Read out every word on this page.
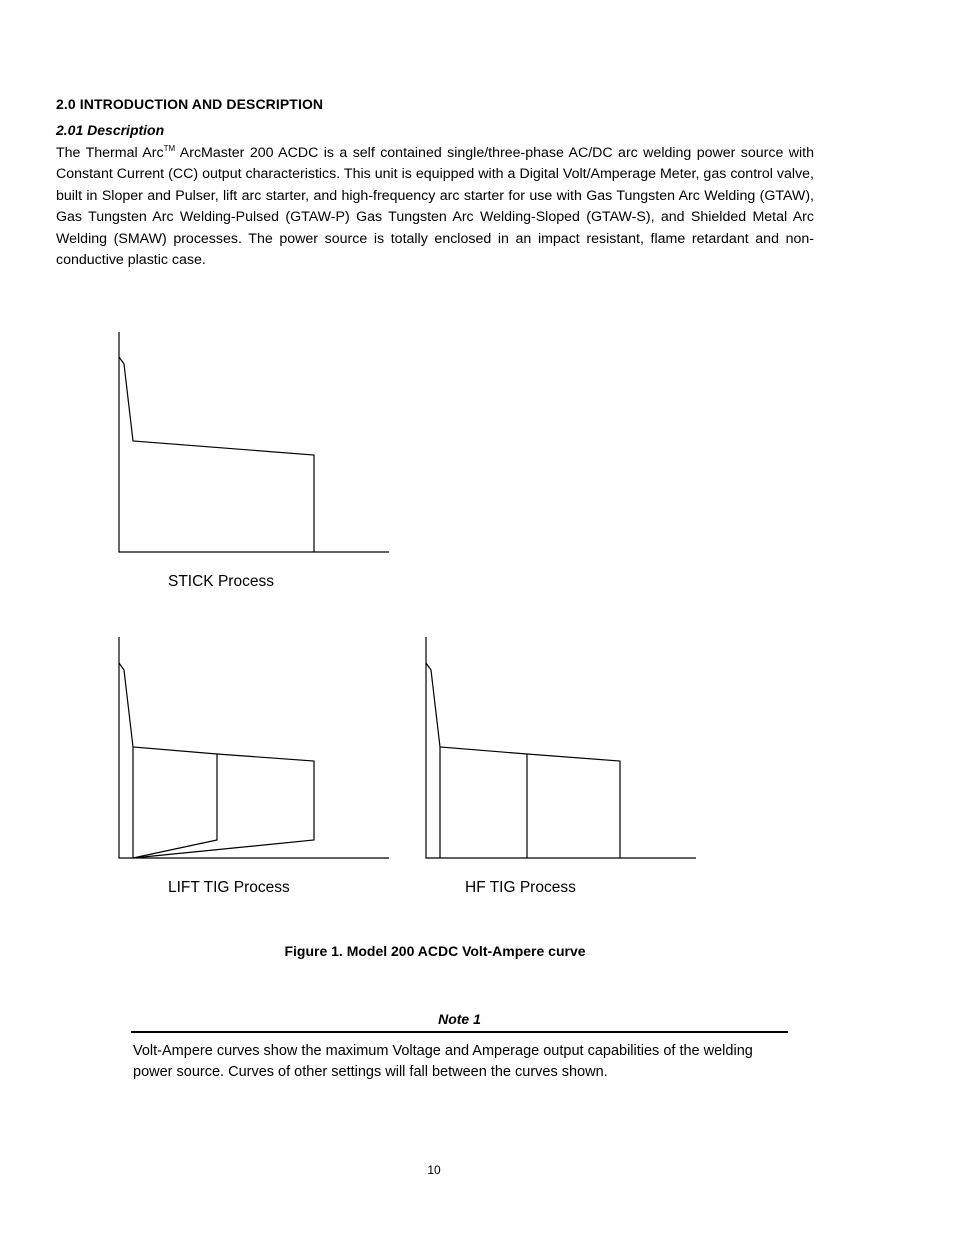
2.0 INTRODUCTION AND DESCRIPTION
2.01 Description
The Thermal Arc™ ArcMaster 200 ACDC is a self contained single/three-phase AC/DC arc welding power source with Constant Current (CC) output characteristics. This unit is equipped with a Digital Volt/Amperage Meter, gas control valve, built in Sloper and Pulser, lift arc starter, and high-frequency arc starter for use with Gas Tungsten Arc Welding (GTAW), Gas Tungsten Arc Welding-Pulsed (GTAW-P) Gas Tungsten Arc Welding-Sloped (GTAW-S), and Shielded Metal Arc Welding (SMAW) processes. The power source is totally enclosed in an impact resistant, flame retardant and non-conductive plastic case.
STICK Process
LIFT TIG Process	HF TIG Process
Figure 1. Model 200 ACDC Volt-Ampere curve
Note 1
Volt-Ampere curves show the maximum Voltage and Amperage output capabilities of the welding power source. Curves of other settings will fall between the curves shown.
10
